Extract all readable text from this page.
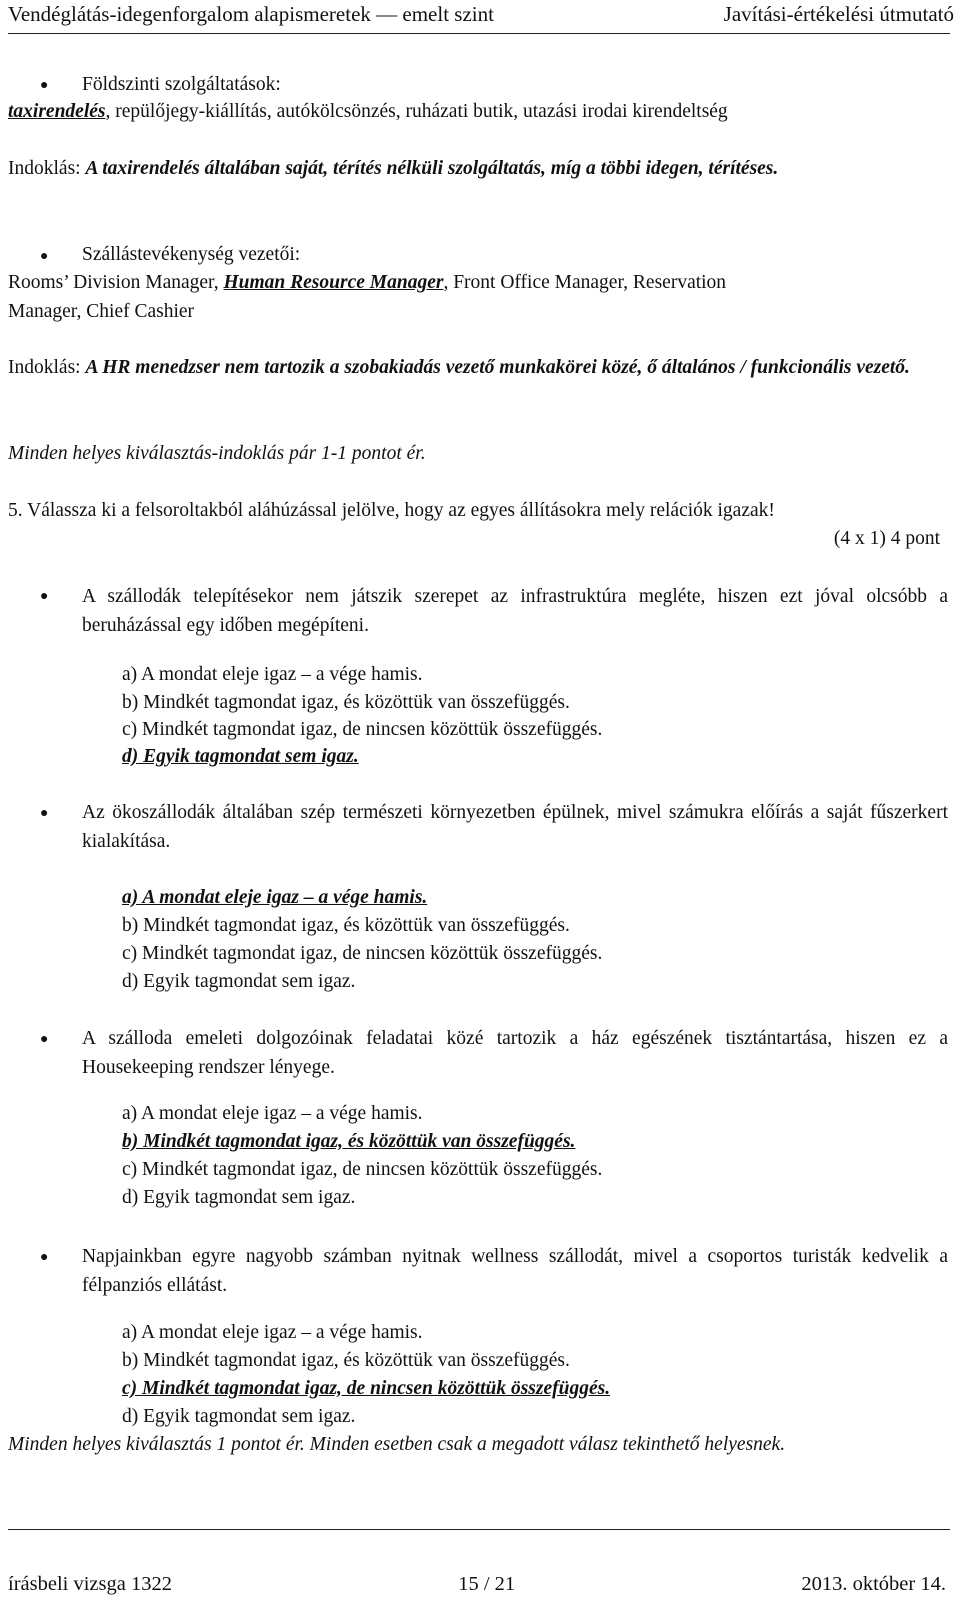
Vendéglátás-idegenforgalom alapismeretek — emelt szint	Javítási-értékelési útmutató
● Földszinti szolgáltatások:
taxirendelés, repülőjegy-kiállítás, autókölcsönzés, ruházati butik, utazási irodai kirendeltség
Indoklás: A taxirendelés általában saját, térítés nélküli szolgáltatás, míg a többi idegen, térítéses.
● Szállástevékenység vezetői:
Rooms’ Division Manager, Human Resource Manager, Front Office Manager, Reservation
Manager, Chief Cashier
Indoklás: A HR menedzser nem tartozik a szobakiadás vezető munkakörei közé, ő általános / funkcionális vezető.
Minden helyes kiválasztás-indoklás pár 1-1 pontot ér.
5. Válassza ki a felsoroltakból aláhúzással jelölve, hogy az egyes állításokra mely relációk igazak!
(4 x 1) 4 pont
● A szállodák telepítésekor nem játszik szerepet az infrastruktúra megléte, hiszen ezt jóval olcsóbb a beruházással egy időben megépíteni.
a) A mondat eleje igaz – a vége hamis.
b) Mindkét tagmondat igaz, és közöttük van összefüggés.
c) Mindkét tagmondat igaz, de nincsen közöttük összefüggés.
d) Egyik tagmondat sem igaz.
● Az ökoszállodák általában szép természeti környezetben épülnek, mivel számukra előírás a saját fűszerkert kialakítása.
a) A mondat eleje igaz – a vége hamis.
b) Mindkét tagmondat igaz, és közöttük van összefüggés.
c) Mindkét tagmondat igaz, de nincsen közöttük összefüggés.
d) Egyik tagmondat sem igaz.
● A szálloda emeleti dolgozóinak feladatai közé tartozik a ház egészének tisztántartása, hiszen ez a Housekeeping rendszer lényege.
a) A mondat eleje igaz – a vége hamis.
b) Mindkét tagmondat igaz, és közöttük van összefüggés.
c) Mindkét tagmondat igaz, de nincsen közöttük összefüggés.
d) Egyik tagmondat sem igaz.
● Napjainkban egyre nagyobb számban nyitnak wellness szállodát, mivel a csoportos turisták kedvelik a félpanziós ellátást.
a) A mondat eleje igaz – a vége hamis.
b) Mindkét tagmondat igaz, és közöttük van összefüggés.
c) Mindkét tagmondat igaz, de nincsen közöttük összefüggés.
d) Egyik tagmondat sem igaz.
Minden helyes kiválasztás 1 pontot ér. Minden esetben csak a megadott válasz tekinthető helyesnek.
írásbeli vizsga 1322	15 / 21	2013. október 14.
